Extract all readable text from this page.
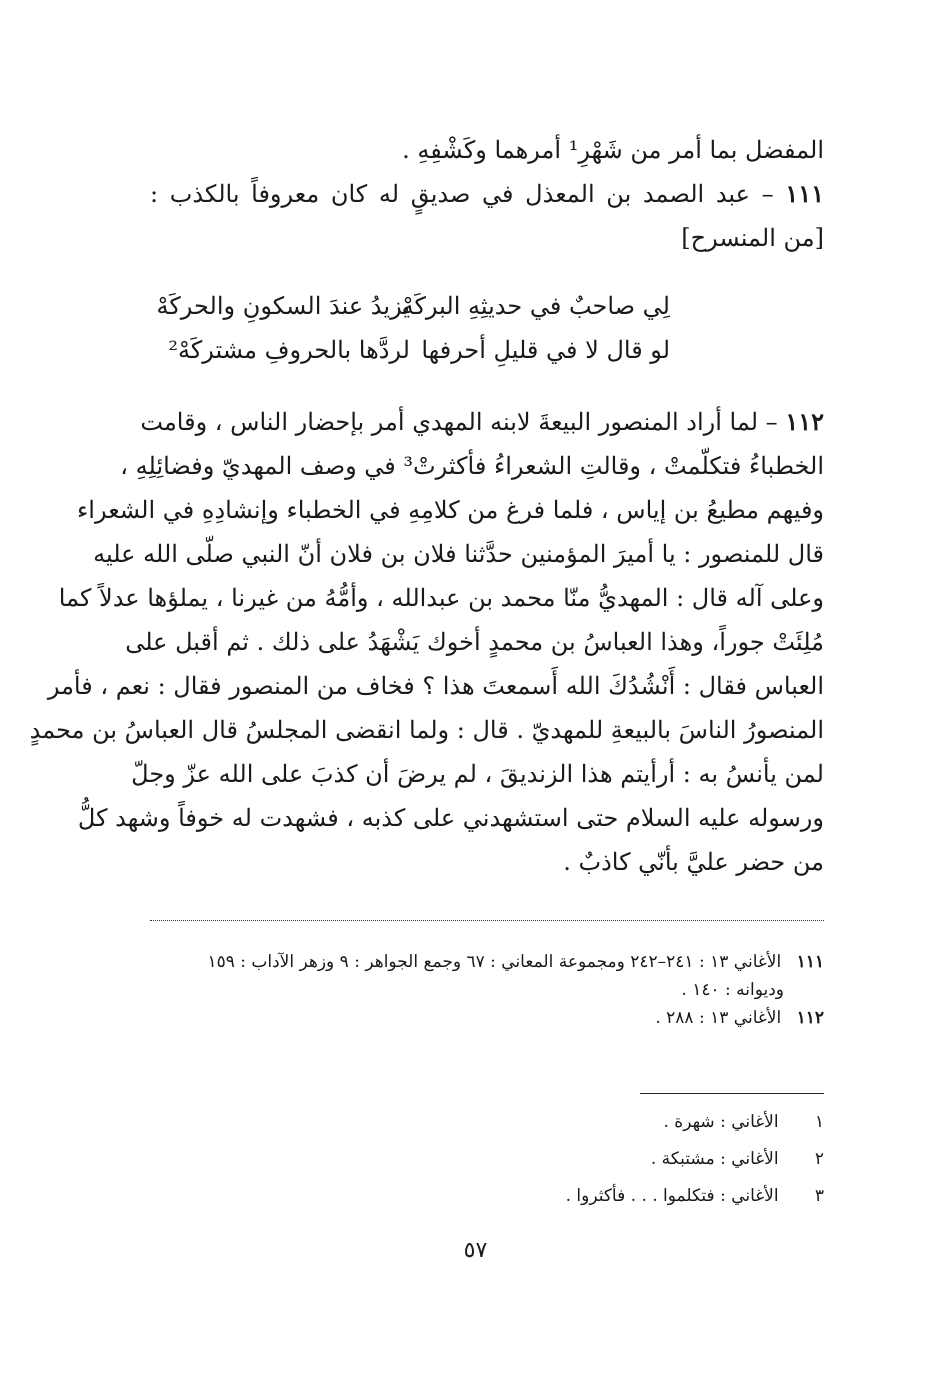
المفضل بما أمر من شَهْرِ¹ أمرهما وكَشْفِهِ .
١١١ – عبد الصمد بن المعذل في صديقٍ له كان معروفاً بالكذب :
[من المنسرح]
لِي صاحبٌ في حديثِهِ البركَهْ
يزيدُ عندَ السكونِ والحركَهْ
لو قال لا في قليلِ أحرفها
لردَّها بالحروفِ مشتركَهْ²
١١٢ – لما أراد المنصور البيعةَ لابنه المهدي أمر بإحضار الناس ، وقامت
الخطباءُ فتكلّمتْ ، وقالتِ الشعراءُ فأكثرتْ³ في وصف المهديّ وفضائِلِهِ ،
وفيهم مطيعُ بن إياس ، فلما فرغ من كلامِهِ في الخطباء وإنشادِهِ في الشعراء
قال للمنصور : يا أميرَ المؤمنين حدَّثنا فلان بن فلان أنّ النبي صلّى الله عليه
وعلى آله قال : المهديُّ منّا محمد بن عبدالله ، وأمُّهُ من غيرنا ، يملؤها عدلاً كما
مُلِئَتْ جوراً، وهذا العباسُ بن محمدٍ أخوك يَشْهَدُ على ذلك . ثم أقبل على
العباس فقال : أَنْشُدُكَ الله أَسمعتَ هذا ؟ فخاف من المنصور فقال : نعم ، فأمر
المنصورُ الناسَ بالبيعةِ للمهديّ . قال : ولما انقضى المجلسُ قال العباسُ بن محمدٍ
لمن يأنسُ به : أرأيتم هذا الزنديقَ ، لم يرضَ أن كذبَ على الله عزّ وجلّ
ورسوله عليه السلام حتى استشهدني على كذبه ، فشهدت له خوفاً وشهد كلُّ
من حضر عليَّ بأنّي كاذبٌ .
١١١ الأغاني ١٣ : ٢٤١–٢٤٢ ومجموعة المعاني : ٦٧ وجمع الجواهر : ٩ وزهر الآداب : ١٥٩
وديوانه : ١٤٠ .
١١٢ الأغاني ١٣ : ٢٨٨ .
١ الأغاني : شهرة .
٢ الأغاني : مشتبكة .
٣ الأغاني : فتكلموا . . . فأكثروا .
٥٧
